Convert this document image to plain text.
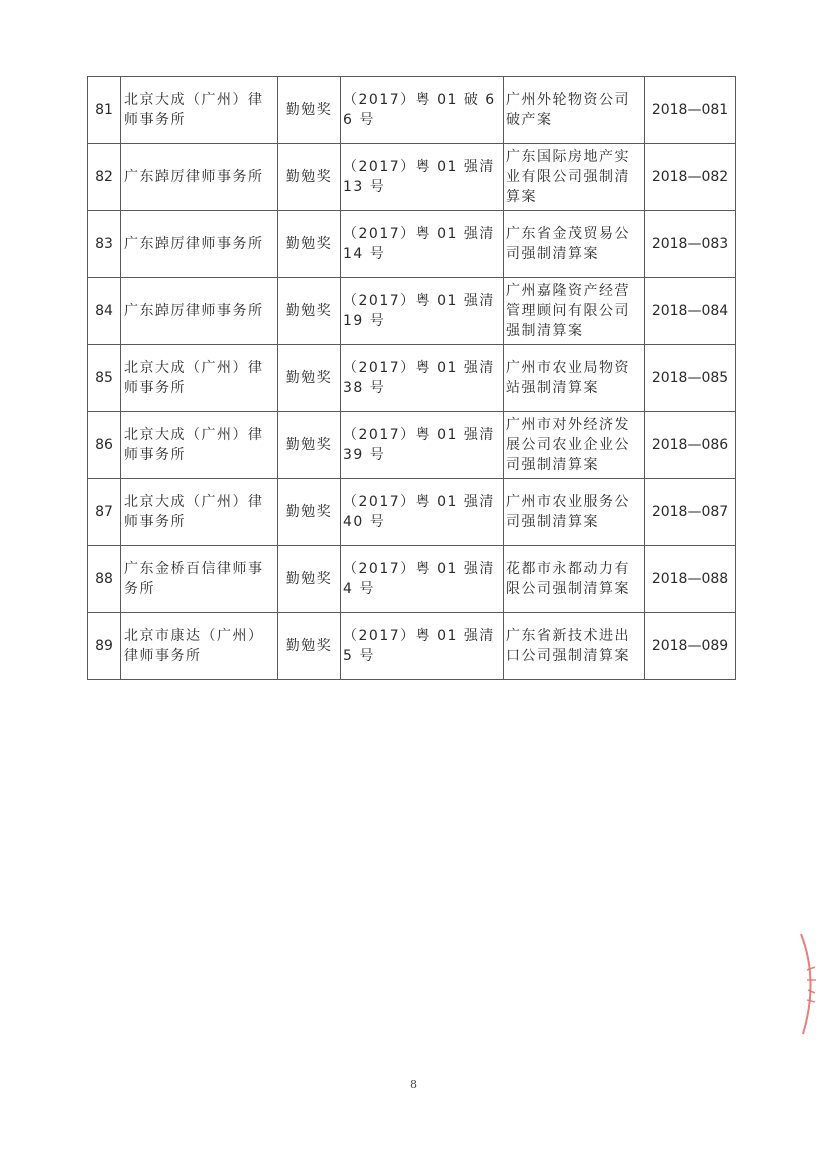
81	北京大成（广州）律师事务所	勤勉奖	（2017）粤 01 破 66 号	广州外轮物资公司破产案	2018—081
82	广东踔厉律师事务所	勤勉奖	（2017）粤 01 强清 13 号	广东国际房地产实业有限公司强制清算案	2018—082
83	广东踔厉律师事务所	勤勉奖	（2017）粤 01 强清 14 号	广东省金茂贸易公司强制清算案	2018—083
84	广东踔厉律师事务所	勤勉奖	（2017）粤 01 强清 19 号	广州嘉隆资产经营管理顾问有限公司强制清算案	2018—084
85	北京大成（广州）律师事务所	勤勉奖	（2017）粤 01 强清 38 号	广州市农业局物资站强制清算案	2018—085
86	北京大成（广州）律师事务所	勤勉奖	（2017）粤 01 强清 39 号	广州市对外经济发展公司农业企业公司强制清算案	2018—086
87	北京大成（广州）律师事务所	勤勉奖	（2017）粤 01 强清 40 号	广州市农业服务公司强制清算案	2018—087
88	广东金桥百信律师事务所	勤勉奖	（2017）粤 01 强清 4 号	花都市永都动力有限公司强制清算案	2018—088
89	北京市康达（广州）律师事务所	勤勉奖	（2017）粤 01 强清 5 号	广东省新技术进出口公司强制清算案	2018—089
8
